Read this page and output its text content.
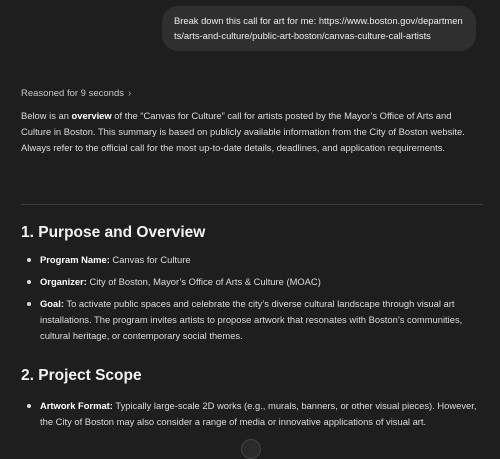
Break down this call for art for me: https://www.boston.gov/departments/arts-and-culture/public-art-boston/canvas-culture-call-artists
Reasoned for 9 seconds ›
Below is an overview of the “Canvas for Culture” call for artists posted by the Mayor’s Office of Arts and Culture in Boston. This summary is based on publicly available information from the City of Boston website. Always refer to the official call for the most up-to-date details, deadlines, and application requirements.
1. Purpose and Overview
Program Name: Canvas for Culture
Organizer: City of Boston, Mayor’s Office of Arts & Culture (MOAC)
Goal: To activate public spaces and celebrate the city’s diverse cultural landscape through visual art installations. The program invites artists to propose artwork that resonates with Boston’s communities, cultural heritage, or contemporary social themes.
2. Project Scope
Artwork Format: Typically large-scale 2D works (e.g., murals, banners, or other visual pieces). However, the City of Boston may also consider a range of media or innovative applications of visual art.
